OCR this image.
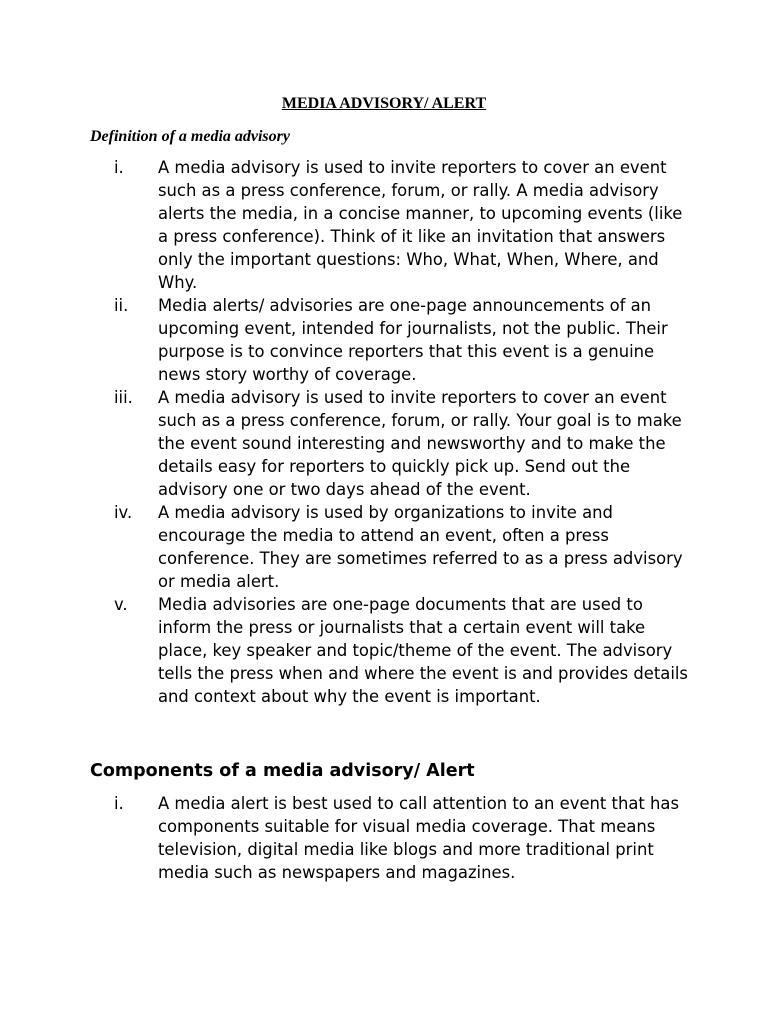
MEDIA ADVISORY/ ALERT
Definition of a media advisory
i.	A media advisory is used to invite reporters to cover an event such as a press conference, forum, or rally. A media advisory alerts the media, in a concise manner, to upcoming events (like a press conference). Think of it like an invitation that answers only the important questions: Who, What, When, Where, and Why.
ii.	Media alerts/ advisories are one-page announcements of an upcoming event, intended for journalists, not the public. Their purpose is to convince reporters that this event is a genuine news story worthy of coverage.
iii.	A media advisory is used to invite reporters to cover an event such as a press conference, forum, or rally. Your goal is to make the event sound interesting and newsworthy and to make the details easy for reporters to quickly pick up. Send out the advisory one or two days ahead of the event.
iv.	A media advisory is used by organizations to invite and encourage the media to attend an event, often a press conference. They are sometimes referred to as a press advisory or media alert.
v.	Media advisories are one-page documents that are used to inform the press or journalists that a certain event will take place, key speaker and topic/theme of the event. The advisory tells the press when and where the event is and provides details and context about why the event is important.
Components of a media advisory/ Alert
i.	A media alert is best used to call attention to an event that has components suitable for visual media coverage. That means television, digital media like blogs and more traditional print media such as newspapers and magazines.
